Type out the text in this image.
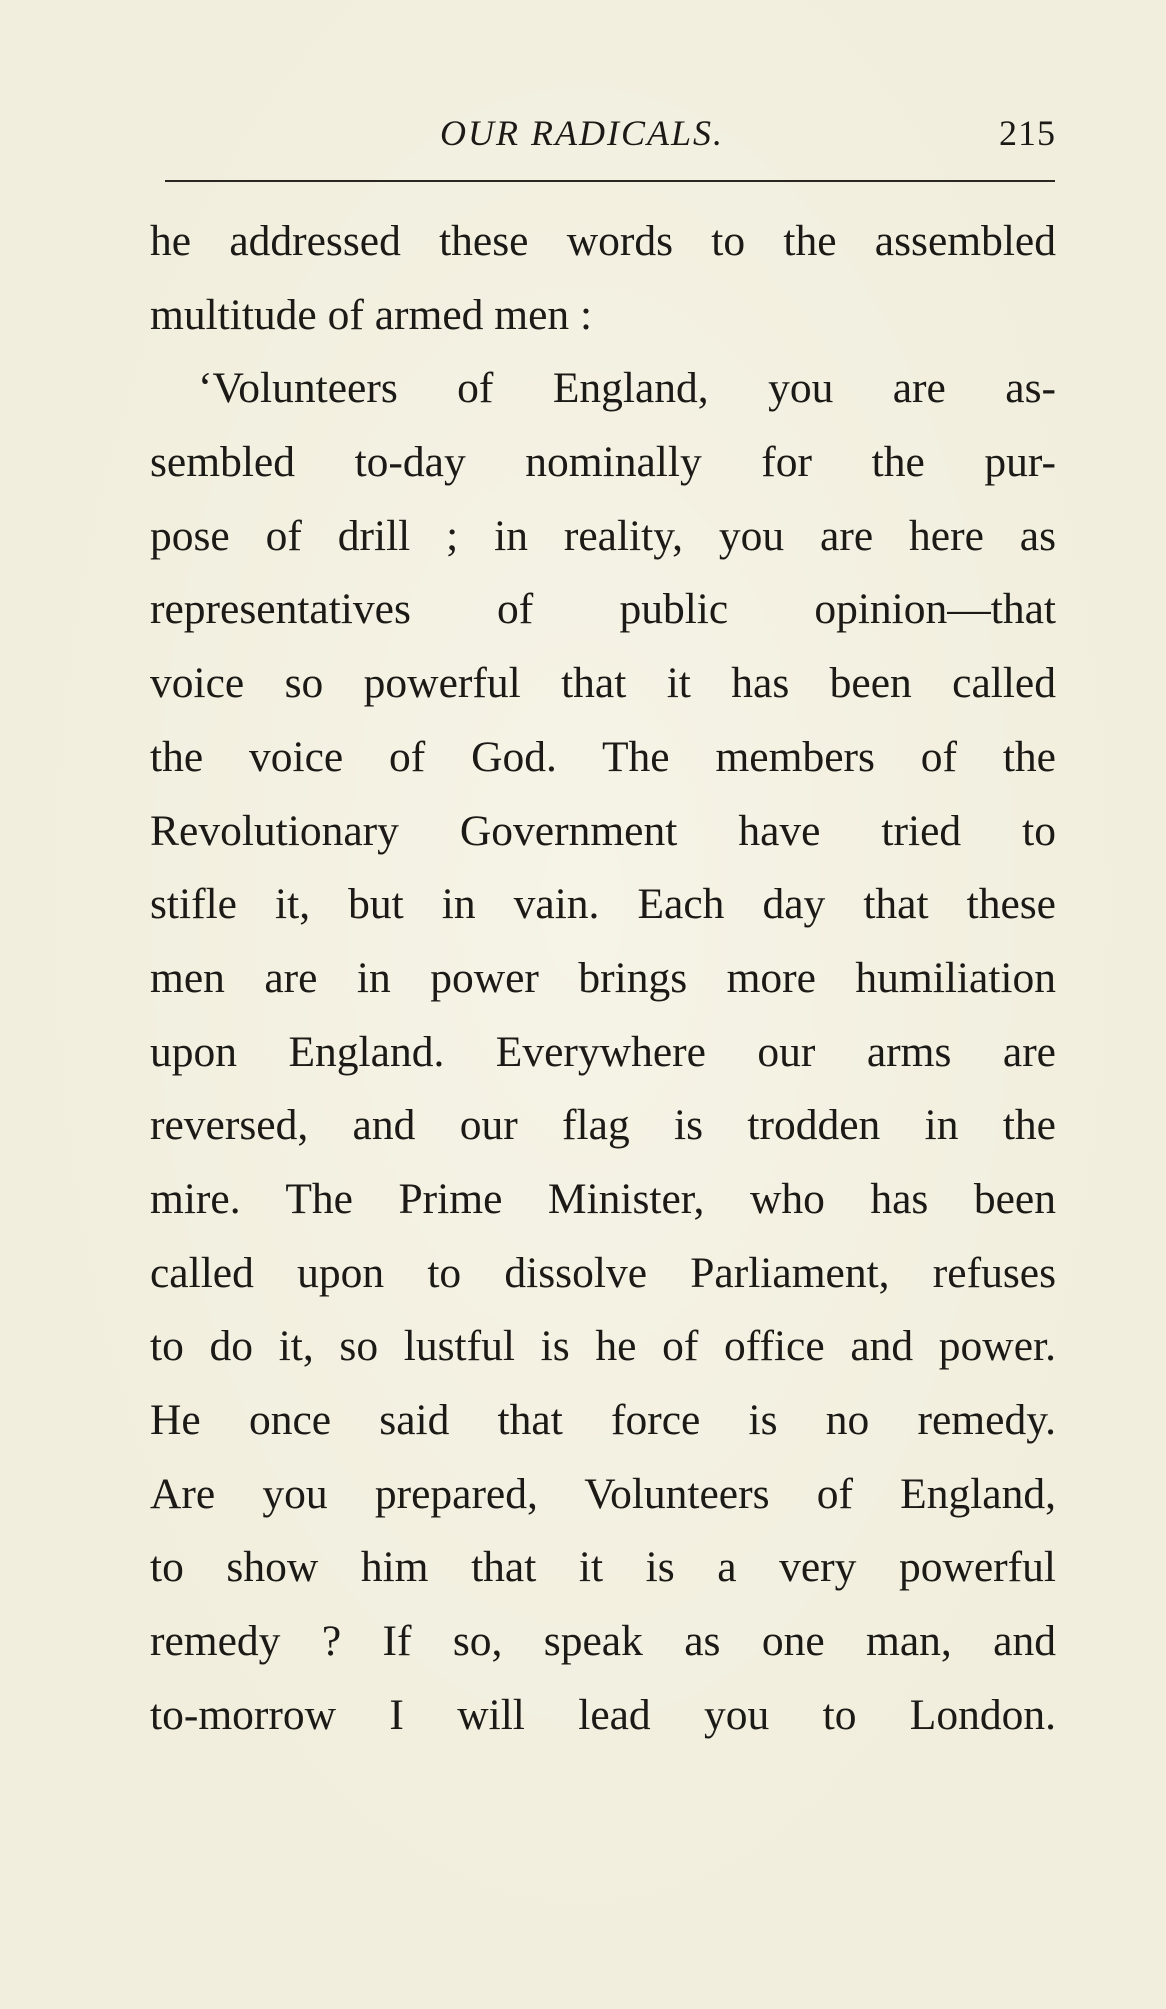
OUR RADICALS.	215
he addressed these words to the assembled
multitude of armed men :
‘Volunteers of England, you are as-
sembled to-day nominally for the pur-
pose of drill ; in reality, you are here as
representatives of public opinion—that
voice so powerful that it has been called
the voice of God. The members of the
Revolutionary Government have tried to
stifle it, but in vain. Each day that these
men are in power brings more humiliation
upon England. Everywhere our arms are
reversed, and our flag is trodden in the
mire. The Prime Minister, who has been
called upon to dissolve Parliament, refuses
to do it, so lustful is he of office and power.
He once said that force is no remedy.
Are you prepared, Volunteers of England,
to show him that it is a very powerful
remedy ? If so, speak as one man, and
to-morrow I will lead you to London.
